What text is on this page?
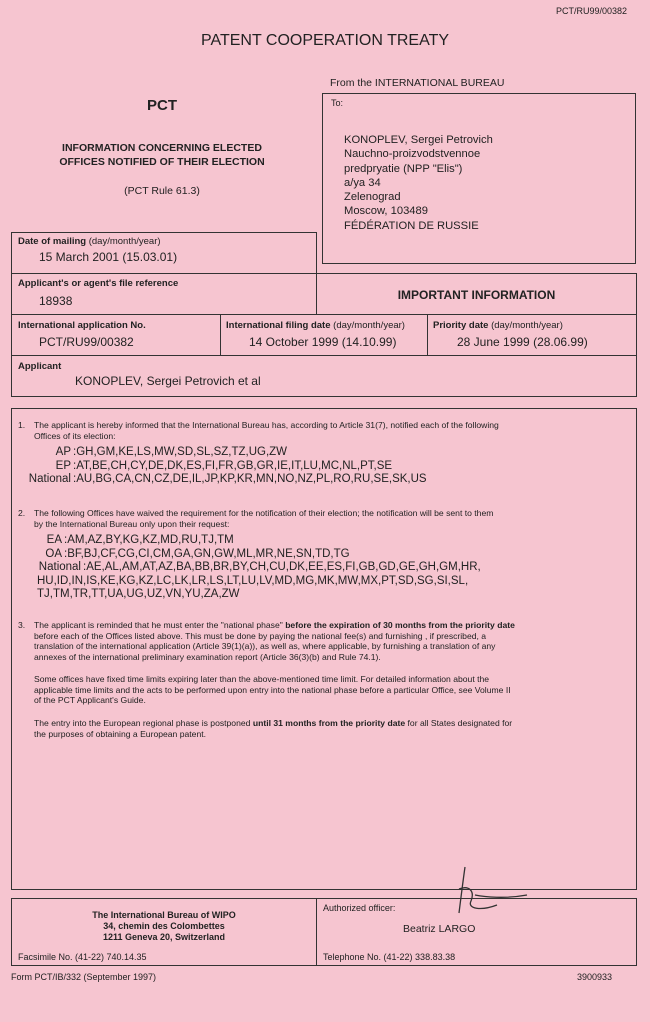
PCT/RU99/00382
PATENT COOPERATION TREATY
From the INTERNATIONAL BUREAU
PCT
INFORMATION CONCERNING ELECTED
OFFICES NOTIFIED OF THEIR ELECTION
(PCT Rule 61.3)
To:
KONOPLEV, Sergei Petrovich
Nauchno-proizvodstvennoe
predpryatie (NPP "Elis")
a/ya 34
Zelenograd
Moscow, 103489
FÉDÉRATION DE RUSSIE
Date of mailing (day/month/year)
15 March 2001 (15.03.01)
Applicant's or agent's file reference
18938	IMPORTANT INFORMATION
International application No.
PCT/RU99/00382
International filing date (day/month/year)
14 October 1999 (14.10.99)
Priority date (day/month/year)
28 June 1999 (28.06.99)
Applicant
KONOPLEV, Sergei Petrovich et al
1. The applicant is hereby informed that the International Bureau has, according to Article 31(7), notified each of the following
Offices of its election:
AP :GH,GM,KE,LS,MW,SD,SL,SZ,TZ,UG,ZW
EP :AT,BE,CH,CY,DE,DK,ES,FI,FR,GB,GR,IE,IT,LU,MC,NL,PT,SE
National :AU,BG,CA,CN,CZ,DE,IL,JP,KP,KR,MN,NO,NZ,PL,RO,RU,SE,SK,US
2. The following Offices have waived the requirement for the notification of their election; the notification will be sent to them
by the International Bureau only upon their request:
EA :AM,AZ,BY,KG,KZ,MD,RU,TJ,TM
OA :BF,BJ,CF,CG,CI,CM,GA,GN,GW,ML,MR,NE,SN,TD,TG
National :AE,AL,AM,AT,AZ,BA,BB,BR,BY,CH,CU,DK,EE,ES,FI,GB,GD,GE,GH,GM,HR,
HU,ID,IN,IS,KE,KG,KZ,LC,LK,LR,LS,LT,LU,LV,MD,MG,MK,MW,MX,PT,SD,SG,SI,SL,
TJ,TM,TR,TT,UA,UG,UZ,VN,YU,ZA,ZW
3. The applicant is reminded that he must enter the "national phase" before the expiration of 30 months from the priority date
before each of the Offices listed above. This must be done by paying the national fee(s) and furnishing , if prescribed, a
translation of the international application (Article 39(1)(a)), as well as, where applicable, by furnishing a translation of any
annexes of the international preliminary examination report (Article 36(3)(b) and Rule 74.1).
Some offices have fixed time limits expiring later than the above-mentioned time limit. For detailed information about the
applicable time limits and the acts to be performed upon entry into the national phase before a particular Office, see Volume II
of the PCT Applicant's Guide.
The entry into the European regional phase is postponed until 31 months from the priority date for all States designated for
the purposes of obtaining a European patent.
The International Bureau of WIPO
34, chemin des Colombettes
1211 Geneva 20, Switzerland
Facsimile No. (41-22) 740.14.35
Authorized officer:
Beatriz LARGO
Telephone No. (41-22) 338.83.38
Form PCT/IB/332 (September 1997)	3900933
